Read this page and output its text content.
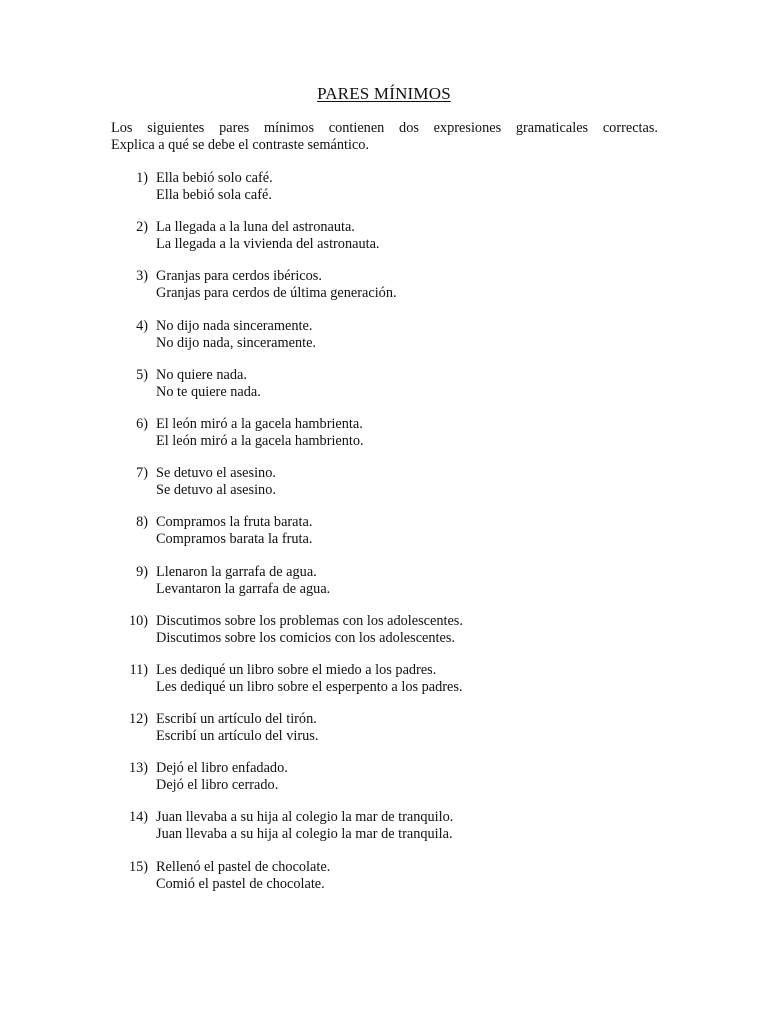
PARES MÍNIMOS

Los siguientes pares mínimos contienen dos expresiones gramaticales correctas.

Explica a qué se debe el contraste semántico.

1) Ella bebió solo café.
Ella bebió sola café.
2) La llegada a la luna del astronauta.
La llegada a la vivienda del astronauta.
3) Granjas para cerdos ibéricos.
Granjas para cerdos de última generación.
4) No dijo nada sinceramente.
No dijo nada, sinceramente.
5) No quiere nada.
No te quiere nada.
6) El león miró a la gacela hambrienta.
El león miró a la gacela hambriento.
7) Se detuvo el asesino.
Se detuvo al asesino.
8) Compramos la fruta barata.
Compramos barata la fruta.
9) Llenaron la garrafa de agua.
Levantaron la garrafa de agua.
10) Discutimos sobre los problemas con los adolescentes.
Discutimos sobre los comicios con los adolescentes.
11) Les dediqué un libro sobre el miedo a los padres.
Les dediqué un libro sobre el esperpento a los padres.
12) Escribí un artículo del tirón.
Escribí un artículo del virus.
13) Dejó el libro enfadado.
Dejó el libro cerrado.
14) Juan llevaba a su hija al colegio la mar de tranquilo.
Juan llevaba a su hija al colegio la mar de tranquila.
15) Rellenó el pastel de chocolate.
Comió el pastel de chocolate.
